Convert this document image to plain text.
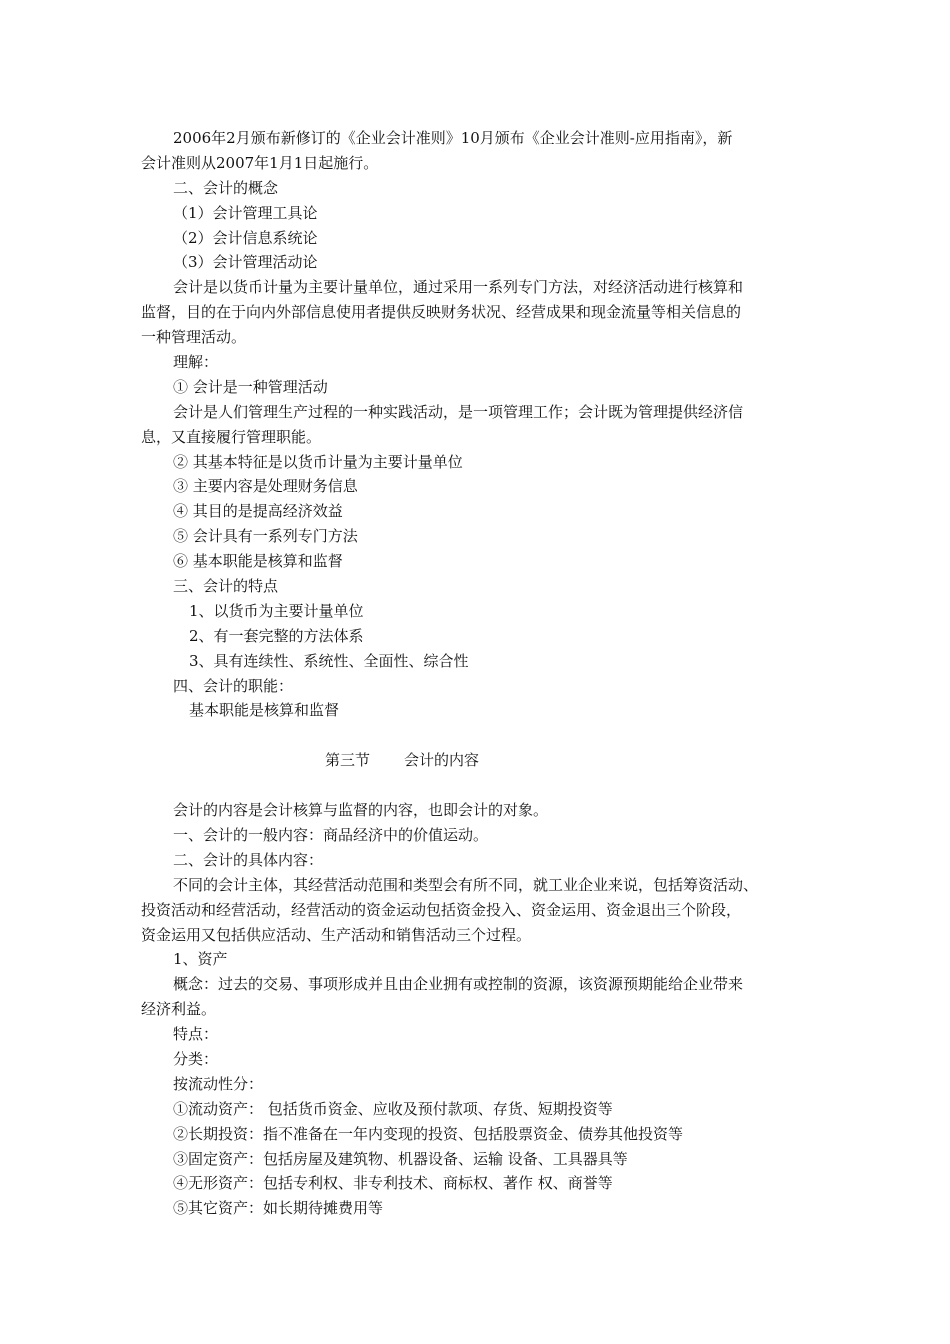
2006年2月颁布新修订的《企业会计准则》10月颁布《企业会计准则-应用指南》，新
会计准则从2007年1月1日起施行。
二、会计的概念
（1）会计管理工具论
（2）会计信息系统论
（3）会计管理活动论
会计是以货币计量为主要计量单位，通过采用一系列专门方法，对经济活动进行核算和
监督，目的在于向内外部信息使用者提供反映财务状况、经营成果和现金流量等相关信息的
一种管理活动。
理解：
① 会计是一种管理活动
会计是人们管理生产过程的一种实践活动，是一项管理工作；会计既为管理提供经济信
息，又直接履行管理职能。
② 其基本特征是以货币计量为主要计量单位
③ 主要内容是处理财务信息
④ 其目的是提高经济效益
⑤ 会计具有一系列专门方法
⑥ 基本职能是核算和监督
三、会计的特点
1、以货币为主要计量单位
2、有一套完整的方法体系
3、具有连续性、系统性、全面性、综合性
四、会计的职能：
基本职能是核算和监督
第三节 会计的内容
会计的内容是会计核算与监督的内容，也即会计的对象。
一、会计的一般内容：商品经济中的价值运动。
二、会计的具体内容：
不同的会计主体，其经营活动范围和类型会有所不同，就工业企业来说，包括筹资活动、
投资活动和经营活动，经营活动的资金运动包括资金投入、资金运用、资金退出三个阶段，
资金运用又包括供应活动、生产活动和销售活动三个过程。
1、资产
概念：过去的交易、事项形成并且由企业拥有或控制的资源，该资源预期能给企业带来
经济利益。
特点：
分类：
按流动性分：
①流动资产： 包括货币资金、应收及预付款项、存货、短期投资等
②长期投资：指不准备在一年内变现的投资、包括股票资金、债券其他投资等
③固定资产：包括房屋及建筑物、机器设备、运输 设备、工具器具等
④无形资产：包括专利权、非专利技术、商标权、著作 权、商誉等
⑤其它资产：如长期待摊费用等
